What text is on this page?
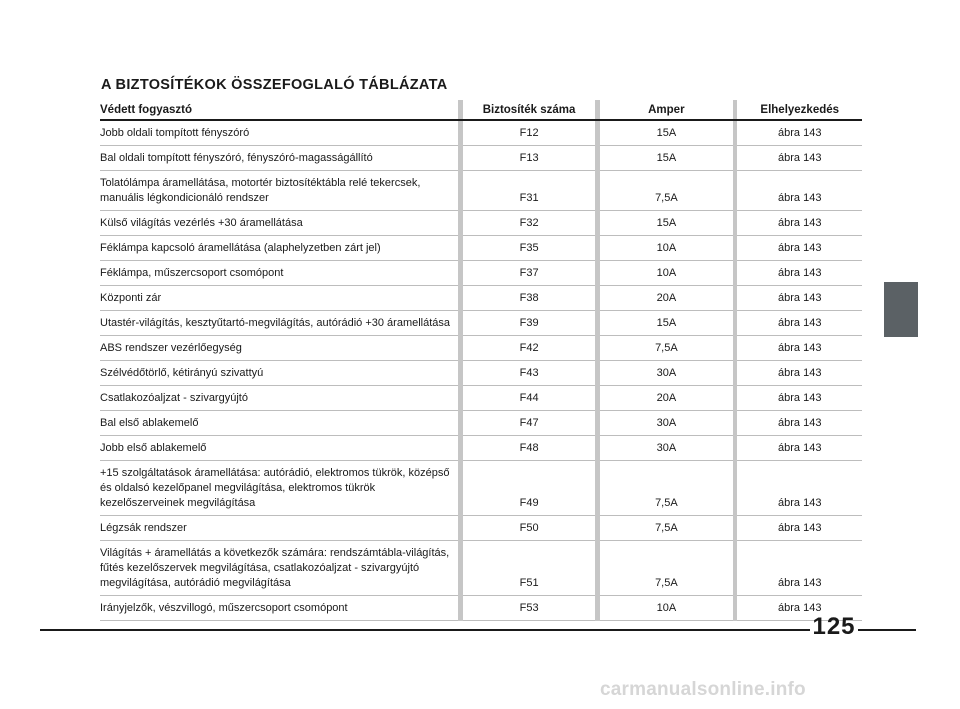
A BIZTOSÍTÉKOK ÖSSZEFOGLALÓ TÁBLÁZATA
Védett fogyasztó	Biztosíték száma	Amper	Elhelyezkedés
Jobb oldali tompított fényszóró	F12	15A	ábra 143
Bal oldali tompított fényszóró, fényszóró-magasságállító	F13	15A	ábra 143
Tolatólámpa áramellátása, motortér biztosítéktábla relé tekercsek, manuális légkondicionáló rendszer	F31	7,5A	ábra 143
Külső világítás vezérlés +30 áramellátása	F32	15A	ábra 143
Féklámpa kapcsoló áramellátása (alaphelyzetben zárt jel)	F35	10A	ábra 143
Féklámpa, műszercsoport csomópont	F37	10A	ábra 143
Központi zár	F38	20A	ábra 143
Utastér-világítás, kesztyűtartó-megvilágítás, autórádió +30 áramellátása	F39	15A	ábra 143
ABS rendszer vezérlőegység	F42	7,5A	ábra 143
Szélvédőtörlő, kétirányú szivattyú	F43	30A	ábra 143
Csatlakozóaljzat - szivargyújtó	F44	20A	ábra 143
Bal első ablakemelő	F47	30A	ábra 143
Jobb első ablakemelő	F48	30A	ábra 143
+15 szolgáltatások áramellátása: autórádió, elektromos tükrök, középső és oldalsó kezelőpanel megvilágítása, elektromos tükrök kezelőszerveinek megvilágítása	F49	7,5A	ábra 143
Légzsák rendszer	F50	7,5A	ábra 143
Világítás + áramellátás a következők számára: rendszámtábla-világítás, fűtés kezelőszervek megvilágítása, csatlakozóaljzat - szivargyújtó megvilágítása, autórádió megvilágítása	F51	7,5A	ábra 143
Irányjelzők, vészvillogó, műszercsoport csomópont	F53	10A	ábra 143
125
carmanualsonline.info
